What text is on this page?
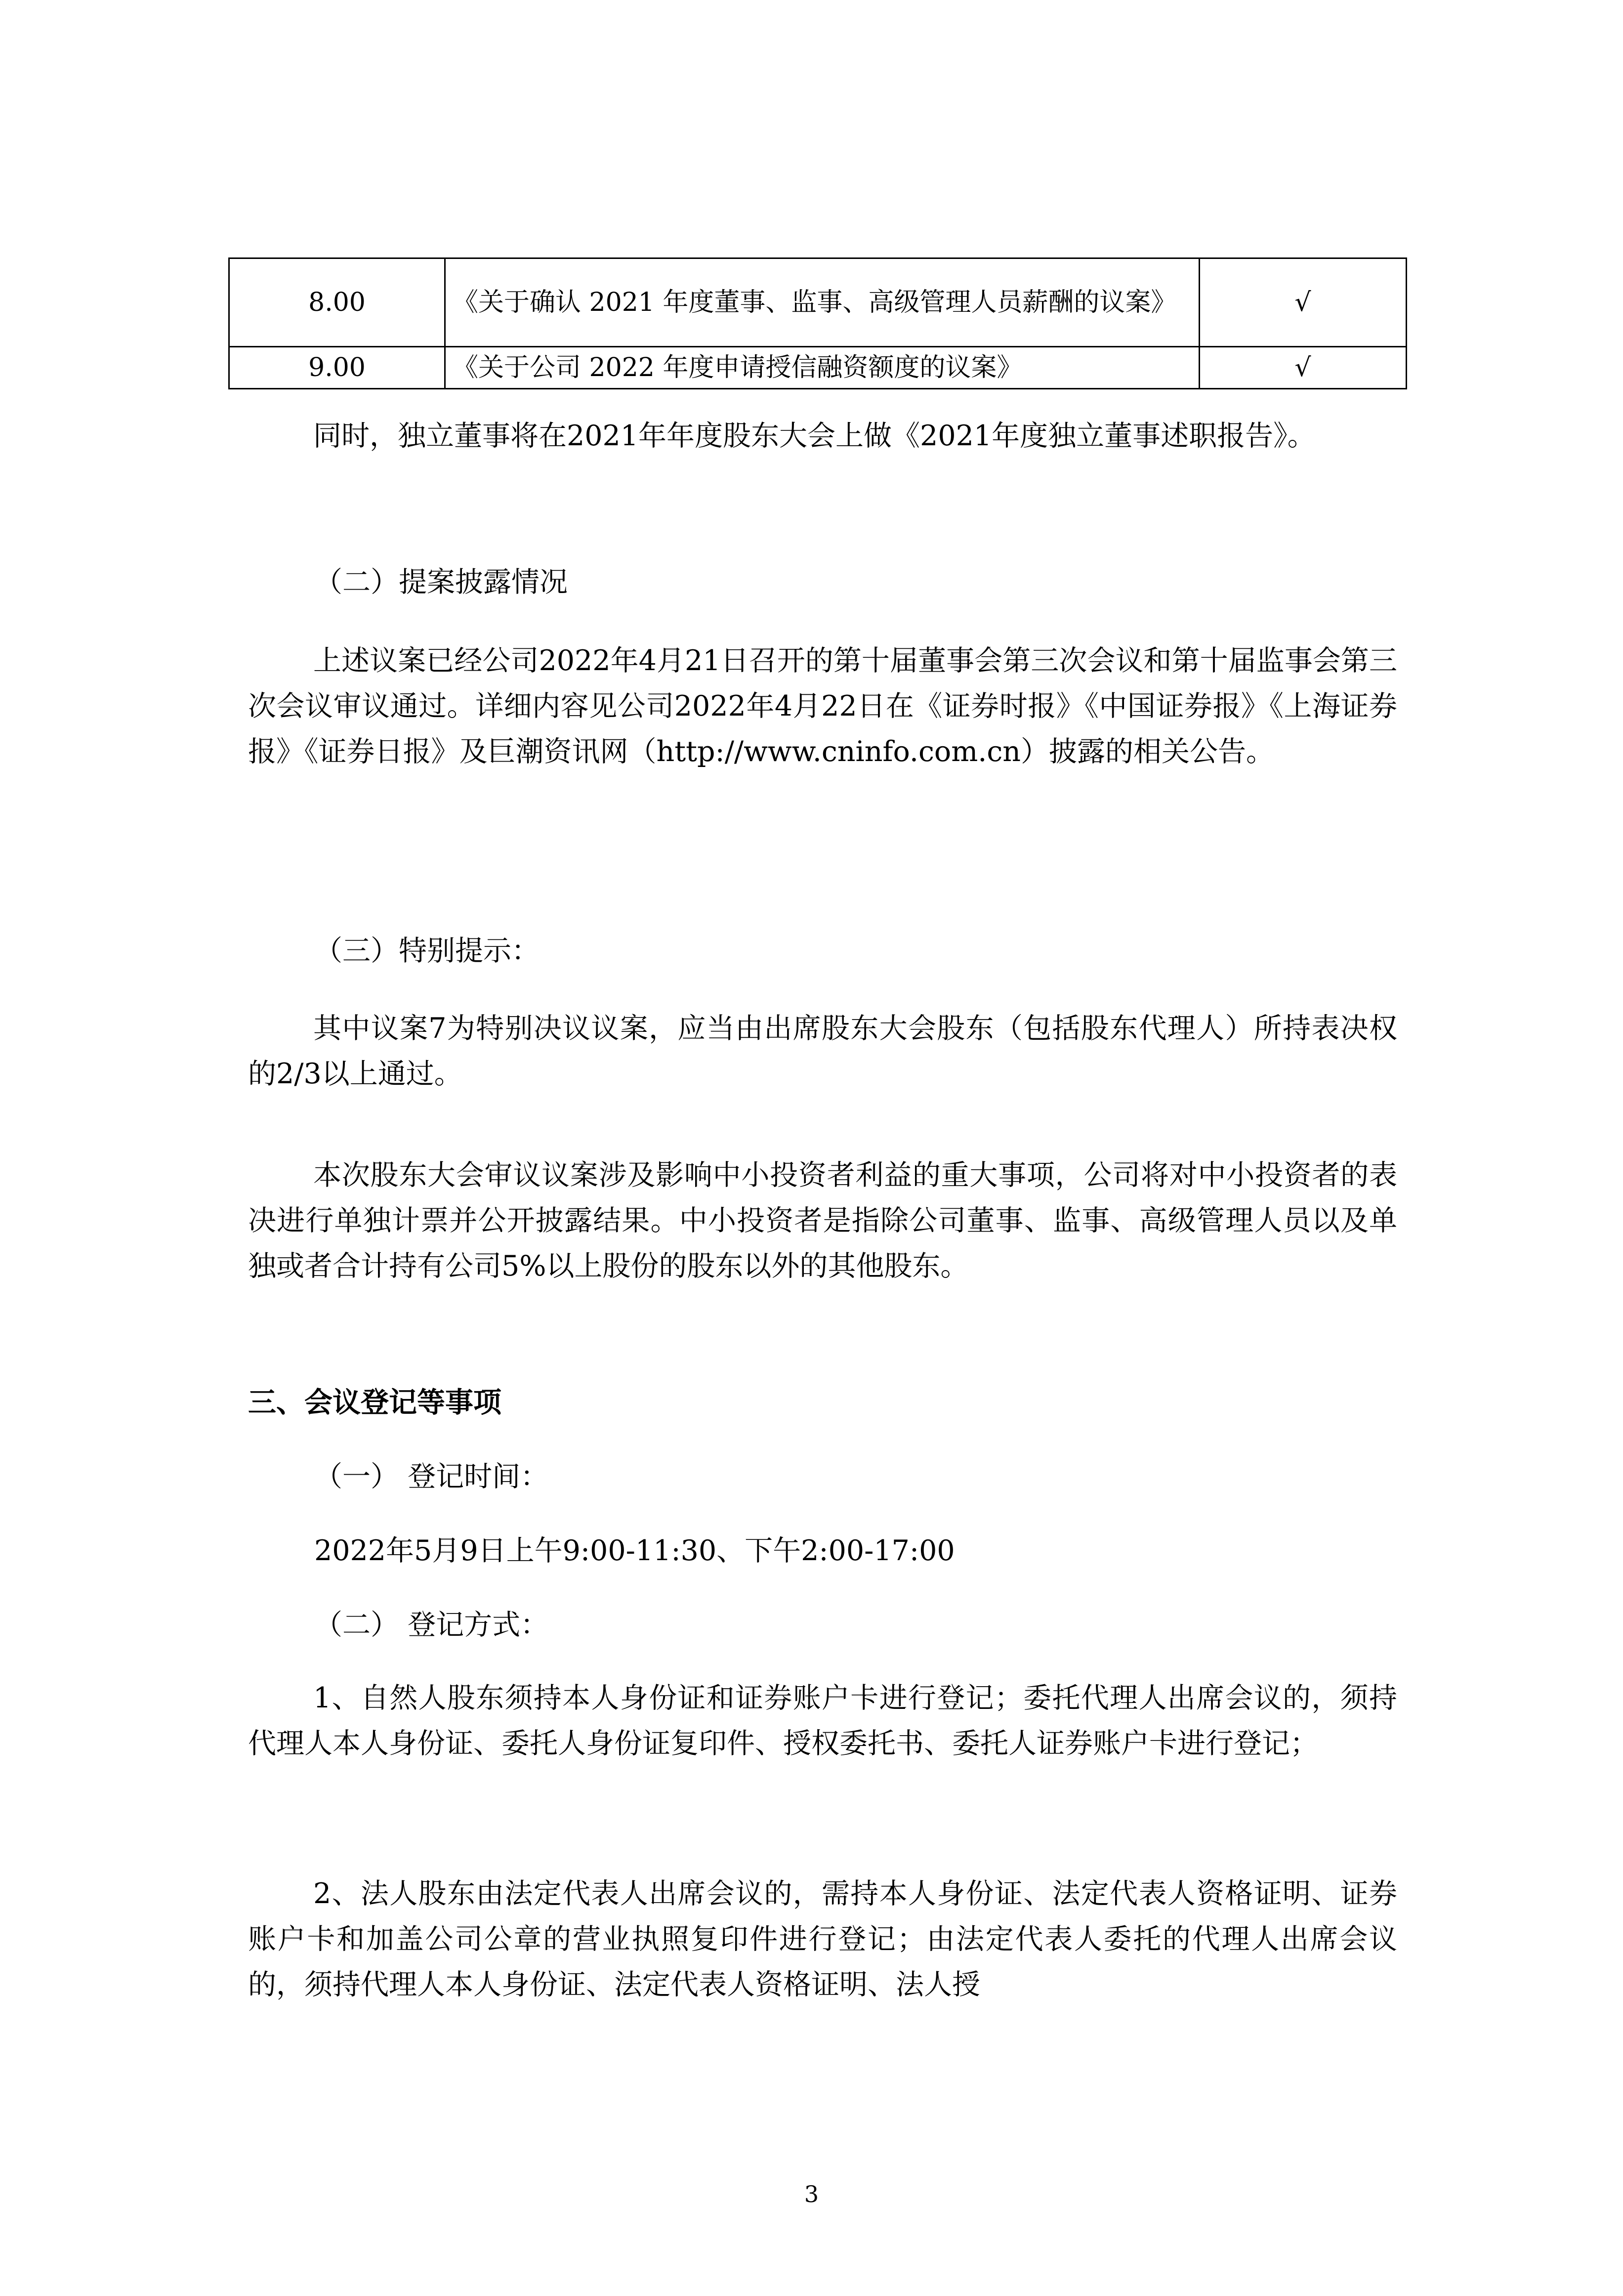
8.00	《关于确认 2021 年度董事、监事、高级管理人员薪酬的议案》	√
9.00	《关于公司 2022 年度申请授信融资额度的议案》	√

同时，独立董事将在2021年年度股东大会上做《2021年度独立董事述职报告》。

（二）提案披露情况

上述议案已经公司2022年4月21日召开的第十届董事会第三次会议和第十届监事会第三次会议审议通过。详细内容见公司2022年4月22日在《证券时报》《中国证券报》《上海证券报》《证券日报》及巨潮资讯网（http://www.cninfo.com.cn）披露的相关公告。

（三）特别提示：

其中议案7为特别决议议案，应当由出席股东大会股东（包括股东代理人）所持表决权的2/3以上通过。

本次股东大会审议议案涉及影响中小投资者利益的重大事项，公司将对中小投资者的表决进行单独计票并公开披露结果。中小投资者是指除公司董事、监事、高级管理人员以及单独或者合计持有公司5%以上股份的股东以外的其他股东。

三、会议登记等事项

（一） 登记时间：

2022年5月9日上午9:00-11:30、下午2:00-17:00

（二） 登记方式：

1、自然人股东须持本人身份证和证券账户卡进行登记；委托代理人出席会议的，须持代理人本人身份证、委托人身份证复印件、授权委托书、委托人证券账户卡进行登记；

2、法人股东由法定代表人出席会议的，需持本人身份证、法定代表人资格证明、证券账户卡和加盖公司公章的营业执照复印件进行登记；由法定代表人委托的代理人出席会议的，须持代理人本人身份证、法定代表人资格证明、法人授

3
